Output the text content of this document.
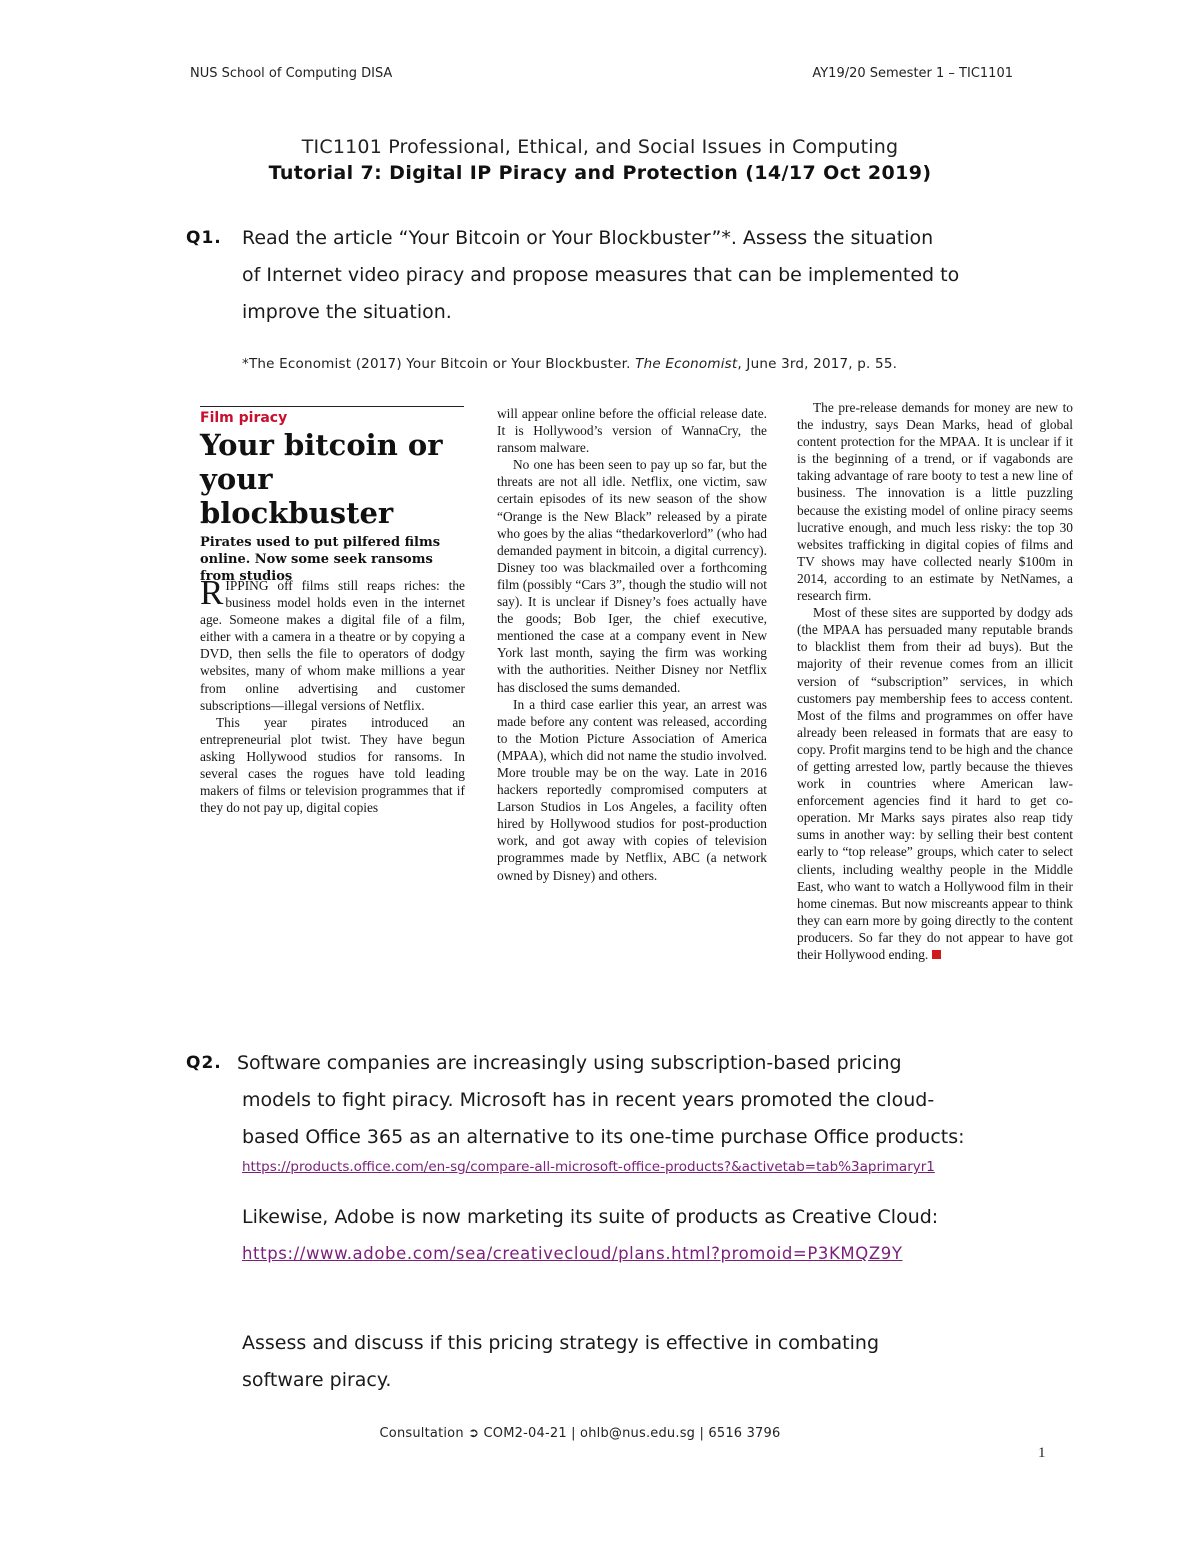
NUS School of Computing DISA	AY19/20 Semester 1 – TIC1101
TIC1101 Professional, Ethical, and Social Issues in Computing
Tutorial 7: Digital IP Piracy and Protection (14/17 Oct 2019)
Q1. Read the article “Your Bitcoin or Your Blockbuster”*. Assess the situation
of Internet video piracy and propose measures that can be implemented to
improve the situation.
*The Economist (2017) Your Bitcoin or Your Blockbuster. The Economist, June 3rd, 2017, p. 55.
Film piracy
Your bitcoin or your blockbuster
Pirates used to put pilfered films online. Now some seek ransoms from studios

RIPPING off films still reaps riches: the business model holds even in the internet age. Someone makes a digital file of a film, either with a camera in a theatre or by copying a DVD, then sells the file to operators of dodgy websites, many of whom make millions a year from online advertising and customer subscriptions—illegal versions of Netflix.

This year pirates introduced an entrepreneurial plot twist. They have begun asking Hollywood studios for ransoms. In several cases the rogues have told leading makers of films or television programmes that if they do not pay up, digital copies

will appear online before the official release date. It is Hollywood’s version of WannaCry, the ransom malware.

No one has been seen to pay up so far, but the threats are not all idle. Netflix, one victim, saw certain episodes of its new season of the show “Orange is the New Black” released by a pirate who goes by the alias “thedarkoverlord” (who had demanded payment in bitcoin, a digital currency). Disney too was blackmailed over a forthcoming film (possibly “Cars 3”, though the studio will not say). It is unclear if Disney’s foes actually have the goods; Bob Iger, the chief executive, mentioned the case at a company event in New York last month, saying the firm was working with the authorities. Neither Disney nor Netflix has disclosed the sums demanded.

In a third case earlier this year, an arrest was made before any content was released, according to the Motion Picture Association of America (MPAA), which did not name the studio involved. More trouble may be on the way. Late in 2016 hackers reportedly compromised computers at Larson Studios in Los Angeles, a facility often hired by Hollywood studios for post-production work, and got away with copies of television programmes made by Netflix, ABC (a network owned by Disney) and others.

The pre-release demands for money are new to the industry, says Dean Marks, head of global content protection for the MPAA. It is unclear if it is the beginning of a trend, or if vagabonds are taking advantage of rare booty to test a new line of business. The innovation is a little puzzling because the existing model of online piracy seems lucrative enough, and much less risky: the top 30 websites trafficking in digital copies of films and TV shows may have collected nearly $100m in 2014, according to an estimate by NetNames, a research firm.

Most of these sites are supported by dodgy ads (the MPAA has persuaded many reputable brands to blacklist them from their ad buys). But the majority of their revenue comes from an illicit version of “subscription” services, in which customers pay membership fees to access content. Most of the films and programmes on offer have already been released in formats that are easy to copy. Profit margins tend to be high and the chance of getting arrested low, partly because the thieves work in countries where American law-enforcement agencies find it hard to get co-operation. Mr Marks says pirates also reap tidy sums in another way: by selling their best content early to “top release” groups, which cater to select clients, including wealthy people in the Middle East, who want to watch a Hollywood film in their home cinemas. But now miscreants appear to think they can earn more by going directly to the content producers. So far they do not appear to have got their Hollywood ending.

Q2. Software companies are increasingly using subscription-based pricing
models to fight piracy. Microsoft has in recent years promoted the cloud-
based Office 365 as an alternative to its one-time purchase Office products:
https://products.office.com/en-sg/compare-all-microsoft-office-products?&activetab=tab%3aprimaryr1
Likewise, Adobe is now marketing its suite of products as Creative Cloud:
https://www.adobe.com/sea/creativecloud/plans.html?promoid=P3KMQZ9Y
Assess and discuss if this pricing strategy is effective in combating
software piracy.
Consultation ➲ COM2-04-21 | ohlb@nus.edu.sg | 6516 3796
1
